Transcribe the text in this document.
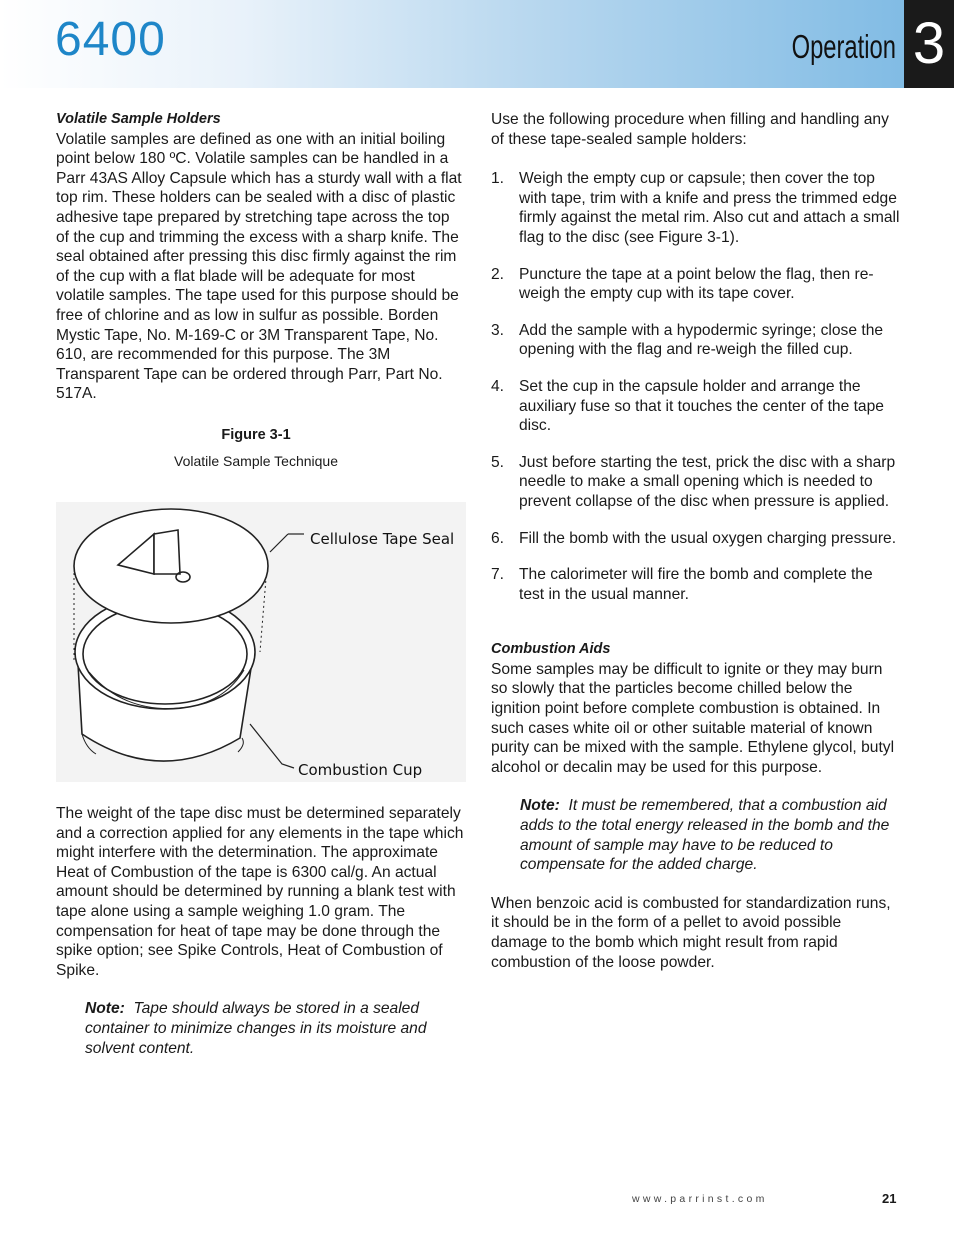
6400	Operation 3

Volatile Sample Holders

Volatile samples are defined as one with an initial boiling point below 180 ºC. Volatile samples can be handled in a Parr 43AS Alloy Capsule which has a sturdy wall with a flat top rim. These holders can be sealed with a disc of plastic adhesive tape prepared by stretching tape across the top of the cup and trimming the excess with a sharp knife. The seal obtained after pressing this disc firmly against the rim of the cup with a flat blade will be adequate for most volatile samples. The tape used for this purpose should be free of chlorine and as low in sulfur as possible. Borden Mystic Tape, No. M-169-C or 3M Transparent Tape, No. 610, are recommended for this purpose. The 3M Transparent Tape can be ordered through Parr, Part No. 517A.

Figure 3-1

Volatile Sample Technique

Cellulose Tape Seal
Combustion Cup

The weight of the tape disc must be determined separately and a correction applied for any elements in the tape which might interfere with the determination. The approximate Heat of Combustion of the tape is 6300 cal/g. An actual amount should be determined by running a blank test with tape alone using a sample weighing 1.0 gram. The compensation for heat of tape may be done through the spike option; see Spike Controls, Heat of Combustion of Spike.

Note: Tape should always be stored in a sealed container to minimize changes in its moisture and solvent content.

Use the following procedure when filling and handling any of these tape-sealed sample holders:

1. Weigh the empty cup or capsule; then cover the top with tape, trim with a knife and press the trimmed edge firmly against the metal rim. Also cut and attach a small flag to the disc (see Figure 3-1).
2. Puncture the tape at a point below the flag, then re-weigh the empty cup with its tape cover.
3. Add the sample with a hypodermic syringe; close the opening with the flag and re-weigh the filled cup.
4. Set the cup in the capsule holder and arrange the auxiliary fuse so that it touches the center of the tape disc.
5. Just before starting the test, prick the disc with a sharp needle to make a small opening which is needed to prevent collapse of the disc when pressure is applied.
6. Fill the bomb with the usual oxygen charging pressure.
7. The calorimeter will fire the bomb and complete the test in the usual manner.

Combustion Aids

Some samples may be difficult to ignite or they may burn so slowly that the particles become chilled below the ignition point before complete combustion is obtained. In such cases white oil or other suitable material of known purity can be mixed with the sample. Ethylene glycol, butyl alcohol or decalin may be used for this purpose.

Note: It must be remembered, that a combustion aid adds to the total energy released in the bomb and the amount of sample may have to be reduced to compensate for the added charge.

When benzoic acid is combusted for standardization runs, it should be in the form of a pellet to avoid possible damage to the bomb which might result from rapid combustion of the loose powder.

www.parrinst.com	21
